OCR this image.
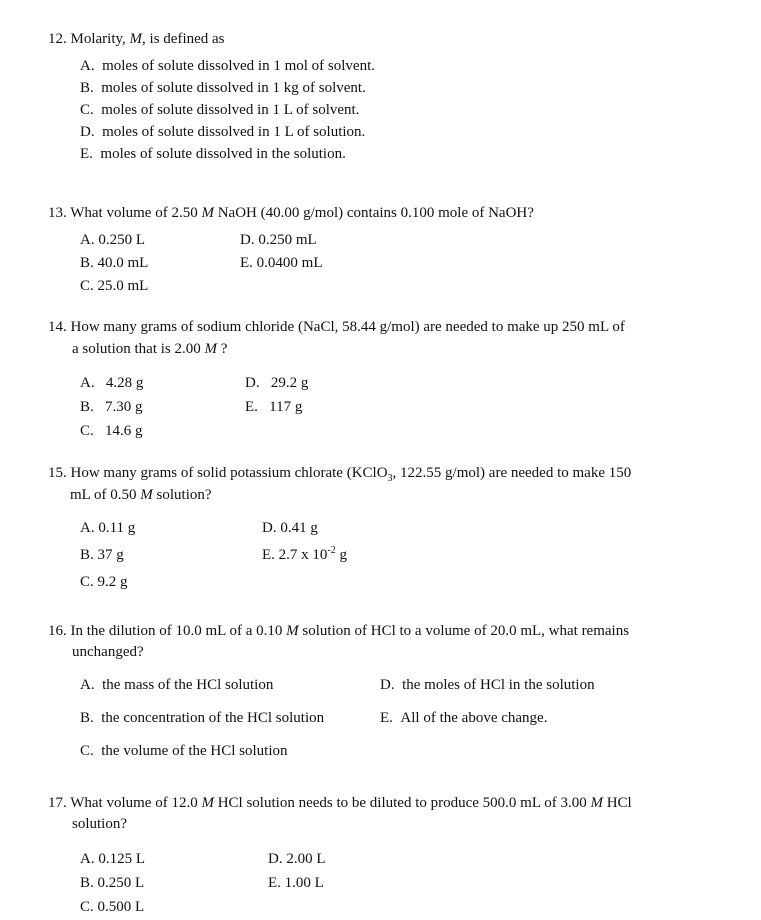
12. Molarity, M, is defined as
A. moles of solute dissolved in 1 mol of solvent.
B. moles of solute dissolved in 1 kg of solvent.
C. moles of solute dissolved in 1 L of solvent.
D. moles of solute dissolved in 1 L of solution.
E. moles of solute dissolved in the solution.
13. What volume of 2.50 M NaOH (40.00 g/mol) contains 0.100 mole of NaOH?
A. 0.250 L
B. 40.0 mL
C. 25.0 mL
D. 0.250 mL
E. 0.0400 mL
14. How many grams of sodium chloride (NaCl, 58.44 g/mol) are needed to make up 250 mL of
a solution that is 2.00 M ?
A. 4.28 g
B. 7.30 g
C. 14.6 g
D. 29.2 g
E. 117 g
15. How many grams of solid potassium chlorate (KClO$_3$, 122.55 g/mol) are needed to make 150
mL of 0.50 M solution?
A. 0.11 g
B. 37 g
C. 9.2 g
D. 0.41 g
E. 2.7 x $10^{-2}$ g
16. In the dilution of 10.0 mL of a 0.10 M solution of HCl to a volume of 20.0 mL, what remains
unchanged?
A. the mass of the HCl solution
B. the concentration of the HCl solution
C. the volume of the HCl solution
D. the moles of HCl in the solution
E. All of the above change.
17. What volume of 12.0 M HCl solution needs to be diluted to produce 500.0 mL of 3.00 M HCl
solution?
A. 0.125 L
B. 0.250 L
C. 0.500 L
D. 2.00 L
E. 1.00 L
